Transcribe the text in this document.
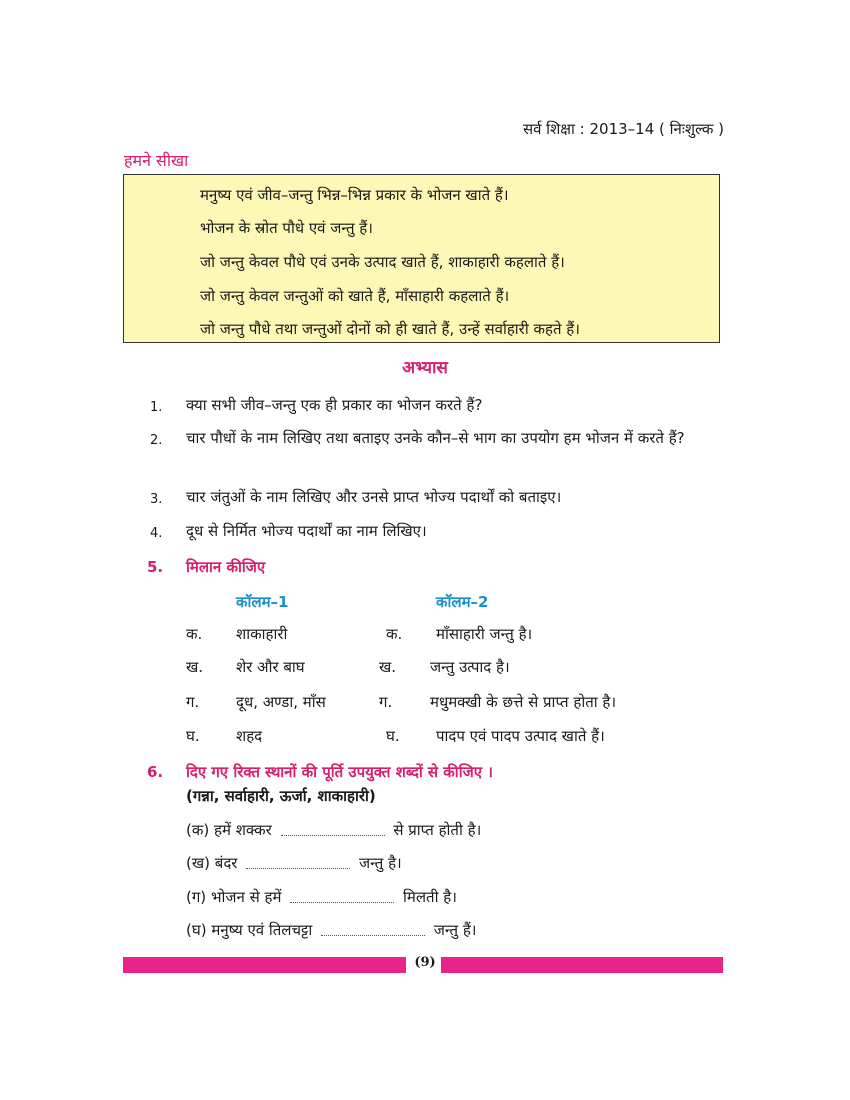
सर्व शिक्षा : 2013–14 ( निःशुल्क )
हमने सीखा
मनुष्य एवं जीव–जन्तु भिन्न–भिन्न प्रकार के भोजन खाते हैं।
भोजन के स्रोत पौधे एवं जन्तु हैं।
जो जन्तु केवल पौधे एवं उनके उत्पाद खाते हैं, शाकाहारी कहलाते हैं।
जो जन्तु केवल जन्तुओं को खाते हैं, माँसाहारी कहलाते हैं।
जो जन्तु पौधे तथा जन्तुओं दोनों को ही खाते हैं, उन्हें सर्वाहारी कहते हैं।
अभ्यास
1. क्या सभी जीव–जन्तु एक ही प्रकार का भोजन करते हैं?
2. चार पौधों के नाम लिखिए तथा बताइए उनके कौन–से भाग का उपयोग हम भोजन में करते हैं?
3. चार जंतुओं के नाम लिखिए और उनसे प्राप्त भोज्य पदार्थों को बताइए।
4. दूध से निर्मित भोज्य पदार्थों का नाम लिखिए।
5. मिलान कीजिए
कॉलम–1	कॉलम–2
क. शाकाहारी	क. माँसाहारी जन्तु है।
ख. शेर और बाघ	ख. जन्तु उत्पाद है।
ग. दूध, अण्डा, माँस	ग.	मधुमक्खी के छत्ते से प्राप्त होता है।
घ. शहद	घ. पादप एवं पादप उत्पाद खाते हैं।
6. दिए गए रिक्त स्थानों की पूर्ति उपयुक्त शब्दों से कीजिए ।
(गन्ना, सर्वाहारी, ऊर्जा, शाकाहारी)
(क) हमें शक्कर	से प्राप्त होती है।
(ख) बंदर	जन्तु है।
(ग) भोजन से हमें	मिलती है।
(घ) मनुष्य एवं तिलचट्टा	जन्तु हैं।
(9)
